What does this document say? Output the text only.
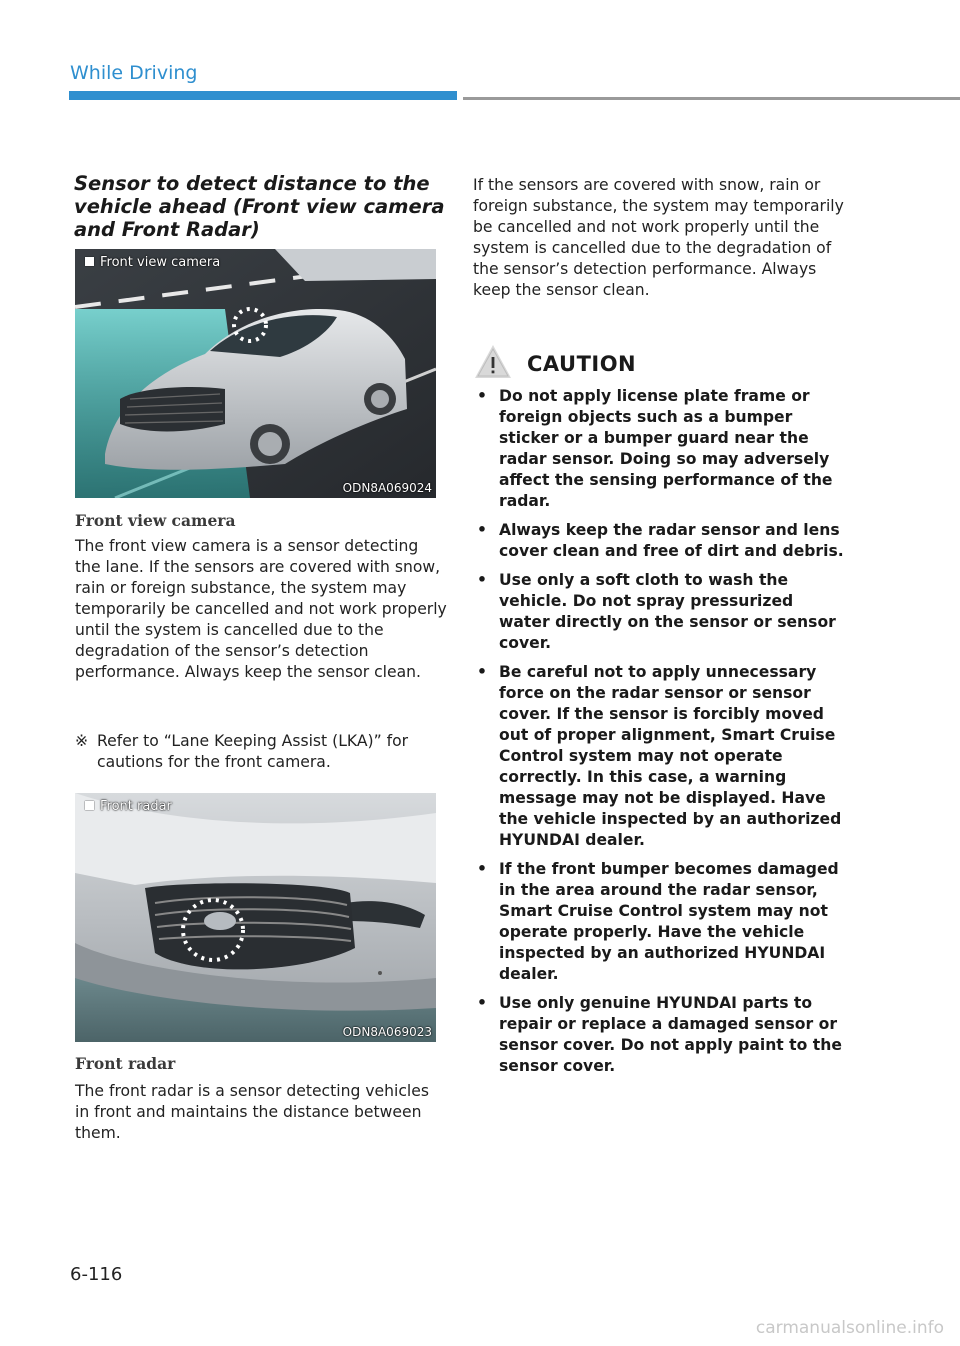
While Driving
Sensor to detect distance to the vehicle ahead (Front view camera and Front Radar)
Front view camera
ODN8A069024
Front view camera
The front view camera is a sensor detecting the lane. If the sensors are covered with snow, rain or foreign substance, the system may temporarily be cancelled and not work properly until the system is cancelled due to the degradation of the sensor’s detection performance. Always keep the sensor clean.
※ Refer to “Lane Keeping Assist (LKA)” for cautions for the front camera.
Front radar
ODN8A069023
Front radar
The front radar is a sensor detecting vehicles in front and maintains the distance between them.
If the sensors are covered with snow, rain or foreign substance, the system may temporarily be cancelled and not work properly until the system is cancelled due to the degradation of the sensor’s detection performance. Always keep the sensor clean.
CAUTION
• Do not apply license plate frame or foreign objects such as a bumper sticker or a bumper guard near the radar sensor. Doing so may adversely affect the sensing performance of the radar.
• Always keep the radar sensor and lens cover clean and free of dirt and debris.
• Use only a soft cloth to wash the vehicle. Do not spray pressurized water directly on the sensor or sensor cover.
• Be careful not to apply unnecessary force on the radar sensor or sensor cover. If the sensor is forcibly moved out of proper alignment, Smart Cruise Control system may not operate correctly. In this case, a warning message may not be displayed. Have the vehicle inspected by an authorized HYUNDAI dealer.
• If the front bumper becomes damaged in the area around the radar sensor, Smart Cruise Control system may not operate properly. Have the vehicle inspected by an authorized HYUNDAI dealer.
• Use only genuine HYUNDAI parts to repair or replace a damaged sensor or sensor cover. Do not apply paint to the sensor cover.
6-116
carmanualsonline.info
